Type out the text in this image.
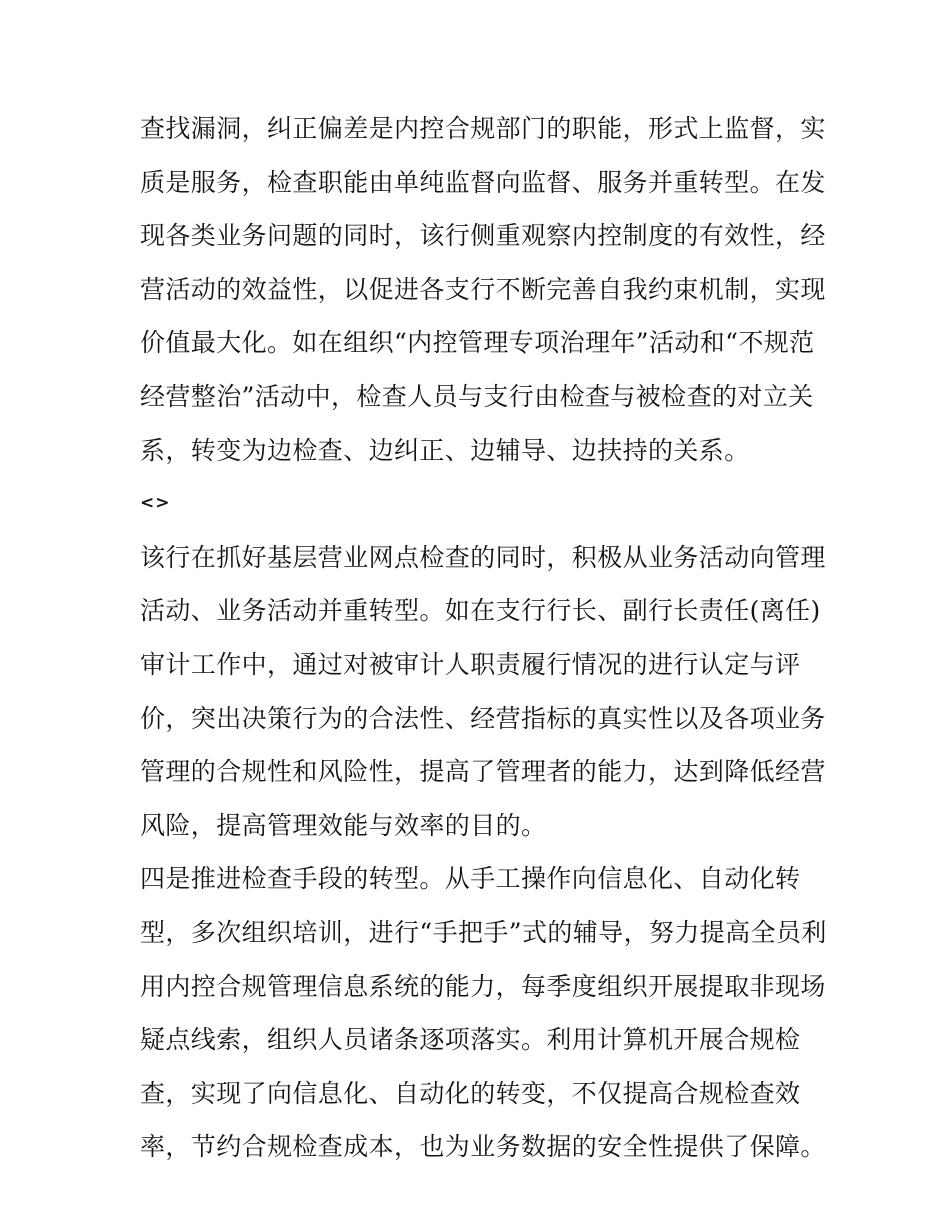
查找漏洞，纠正偏差是内控合规部门的职能，形式上监督，实
质是服务，检查职能由单纯监督向监督、服务并重转型。在发
现各类业务问题的同时，该行侧重观察内控制度的有效性，经
营活动的效益性，以促进各支行不断完善自我约束机制，实现
价值最大化。如在组织“内控管理专项治理年”活动和“不规范
经营整治”活动中，检查人员与支行由检查与被检查的对立关
系，转变为边检查、边纠正、边辅导、边扶持的关系。
<>
该行在抓好基层营业网点检查的同时，积极从业务活动向管理
活动、业务活动并重转型。如在支行行长、副行长责任(离任)
审计工作中，通过对被审计人职责履行情况的进行认定与评
价，突出决策行为的合法性、经营指标的真实性以及各项业务
管理的合规性和风险性，提高了管理者的能力，达到降低经营
风险，提高管理效能与效率的目的。
四是推进检查手段的转型。从手工操作向信息化、自动化转
型，多次组织培训，进行“手把手”式的辅导，努力提高全员利
用内控合规管理信息系统的能力，每季度组织开展提取非现场
疑点线索，组织人员诸条逐项落实。利用计算机开展合规检
查，实现了向信息化、自动化的转变，不仅提高合规检查效
率，节约合规检查成本，也为业务数据的安全性提供了保障。
